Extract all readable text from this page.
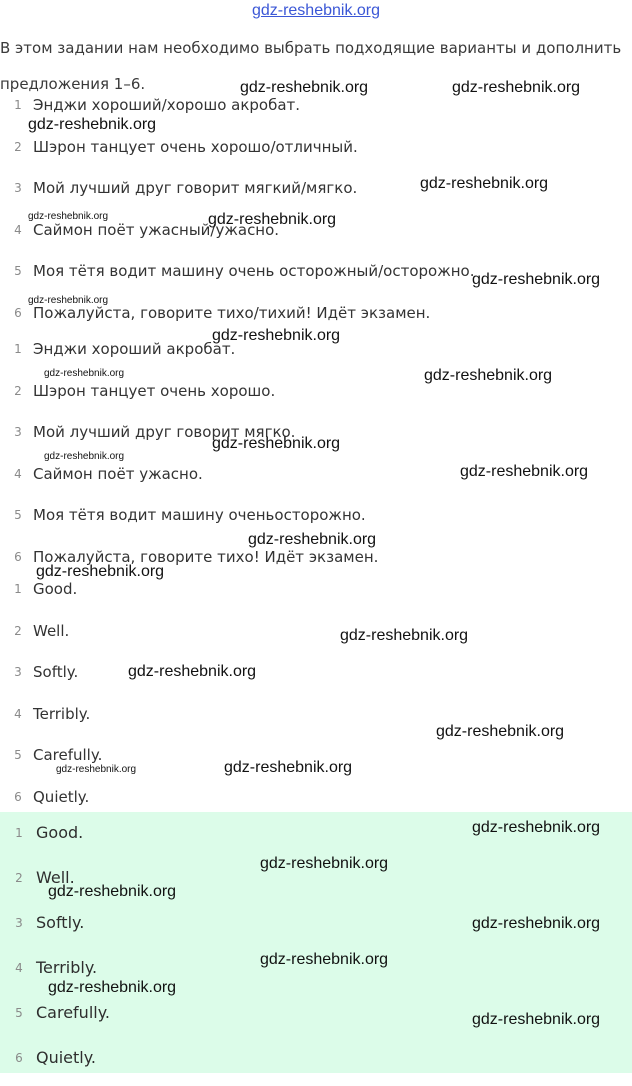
gdz-reshebnik.org
В этом задании нам необходимо выбрать подходящие варианты и дополнить предложения 1–6.
1 Энджи хороший/хорошо акробат.
2 Шэрон танцует очень хорошо/отличный.
3 Мой лучший друг говорит мягкий/мягко.
4 Саймон поёт ужасный/ужасно.
5 Моя тётя водит машину очень осторожный/осторожно.
6 Пожалуйста, говорите тихо/тихий! Идёт экзамен.
1 Энджи хороший акробат.
2 Шэрон танцует очень хорошо.
3 Мой лучший друг говорит мягко.
4 Саймон поёт ужасно.
5 Моя тётя водит машину оченьосторожно.
6 Пожалуйста, говорите тихо! Идёт экзамен.
1 Good.
2 Well.
3 Softly.
4 Terribly.
5 Carefully.
6 Quietly.
1 Good.
2 Well.
3 Softly.
4 Terribly.
5 Carefully.
6 Quietly.
gdz-reshebnik.org	gdz-reshebnik.org
gdz-reshebnik.org
gdz-reshebnik.org
gdz-reshebnik.org	gdz-reshebnik.org
gdz-reshebnik.org
gdz-reshebnik.org
gdz-reshebnik.org
gdz-reshebnik.org	gdz-reshebnik.org
gdz-reshebnik.org
gdz-reshebnik.org
gdz-reshebnik.org
gdz-reshebnik.org
gdz-reshebnik.org
gdz-reshebnik.org
gdz-reshebnik.org
gdz-reshebnik.org
gdz-reshebnik.org	gdz-reshebnik.org
gdz-reshebnik.org
gdz-reshebnik.org
gdz-reshebnik.org
gdz-reshebnik.org
gdz-reshebnik.org
gdz-reshebnik.org
gdz-reshebnik.org
